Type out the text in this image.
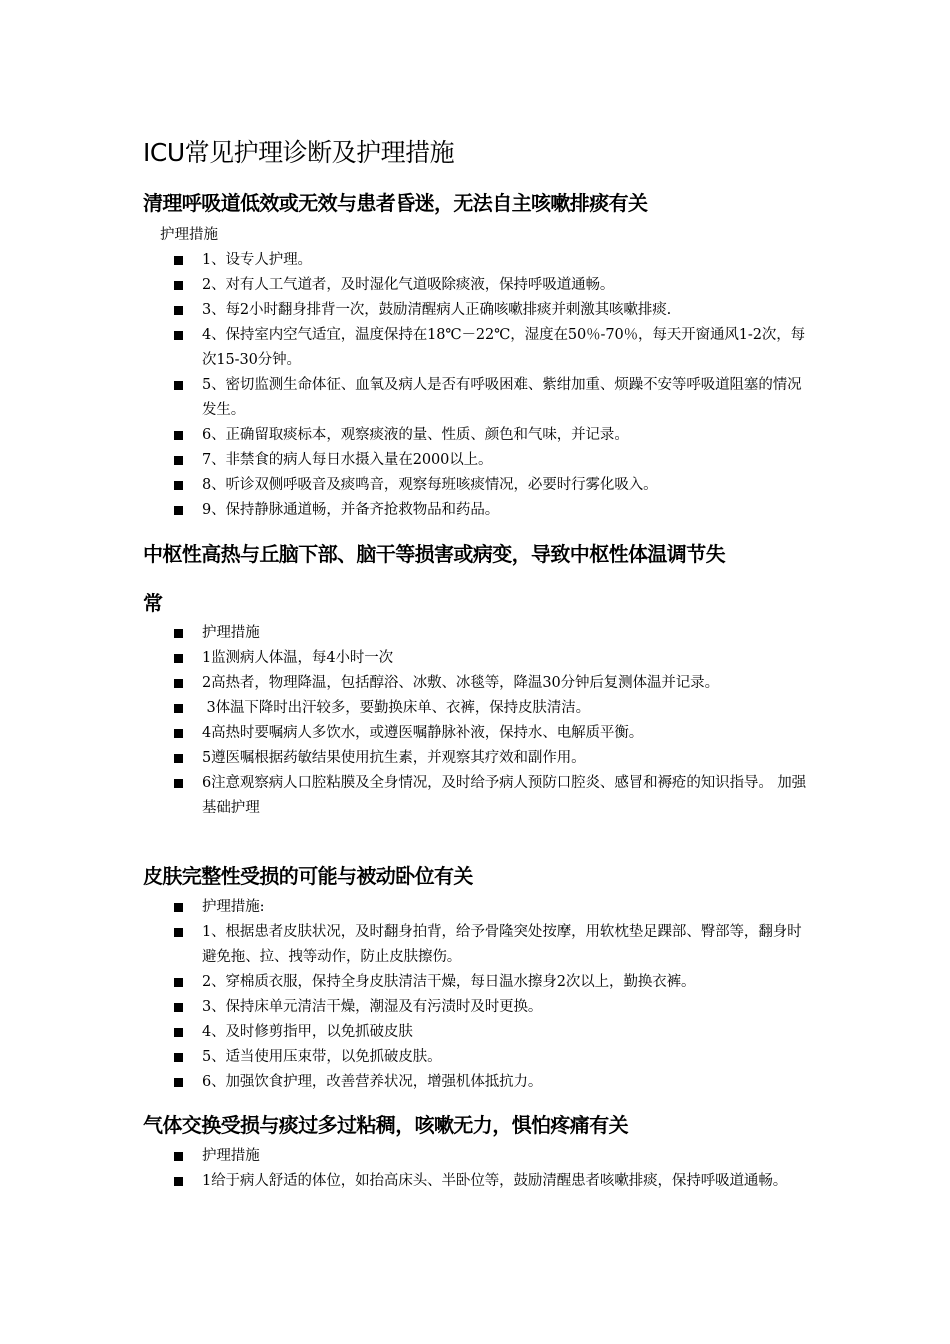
ICU常见护理诊断及护理措施
清理呼吸道低效或无效与患者昏迷，无法自主咳嗽排痰有关
护理措施
1、设专人护理。
2、对有人工气道者，及时湿化气道吸除痰液，保持呼吸道通畅。
3、每2小时翻身排背一次，鼓励清醒病人正确咳嗽排痰并刺激其咳嗽排痰.
4、保持室内空气适宜，温度保持在18℃－22℃，湿度在50％-70％，每天开窗通风1-2次，每次15-30分钟。
5、密切监测生命体征、血氧及病人是否有呼吸困难、紫绀加重、烦躁不安等呼吸道阻塞的情况发生。
6、正确留取痰标本，观察痰液的量、性质、颜色和气味，并记录。
7、非禁食的病人每日水摄入量在2000以上。
8、听诊双侧呼吸音及痰鸣音，观察每班咳痰情况，必要时行雾化吸入。
9、保持静脉通道畅，并备齐抢救物品和药品。
中枢性高热与丘脑下部、脑干等损害或病变，导致中枢性体温调节失
常
护理措施
1监测病人体温，每4小时一次
2高热者，物理降温，包括醇浴、冰敷、冰毯等，降温30分钟后复测体温并记录。
3体温下降时出汗较多，要勤换床单、衣裤，保持皮肤清洁。
4高热时要嘱病人多饮水，或遵医嘱静脉补液，保持水、电解质平衡。
5遵医嘱根据药敏结果使用抗生素，并观察其疗效和副作用。
6注意观察病人口腔粘膜及全身情况，及时给予病人预防口腔炎、感冒和褥疮的知识指导。 加强基础护理
皮肤完整性受损的可能与被动卧位有关
护理措施:
1、根据患者皮肤状况，及时翻身拍背，给予骨隆突处按摩，用软枕垫足踝部、臀部等，翻身时避免拖、拉、拽等动作，防止皮肤擦伤。
2、穿棉质衣服，保持全身皮肤清洁干燥，每日温水擦身2次以上，勤换衣裤。
3、保持床单元清洁干燥，潮湿及有污渍时及时更换。
4、及时修剪指甲，以免抓破皮肤
5、适当使用压束带，以免抓破皮肤。
6、加强饮食护理，改善营养状况，增强机体抵抗力。
气体交换受损与痰过多过粘稠，咳嗽无力，惧怕疼痛有关
护理措施
1给于病人舒适的体位，如抬高床头、半卧位等，鼓励清醒患者咳嗽排痰，保持呼吸道通畅。
